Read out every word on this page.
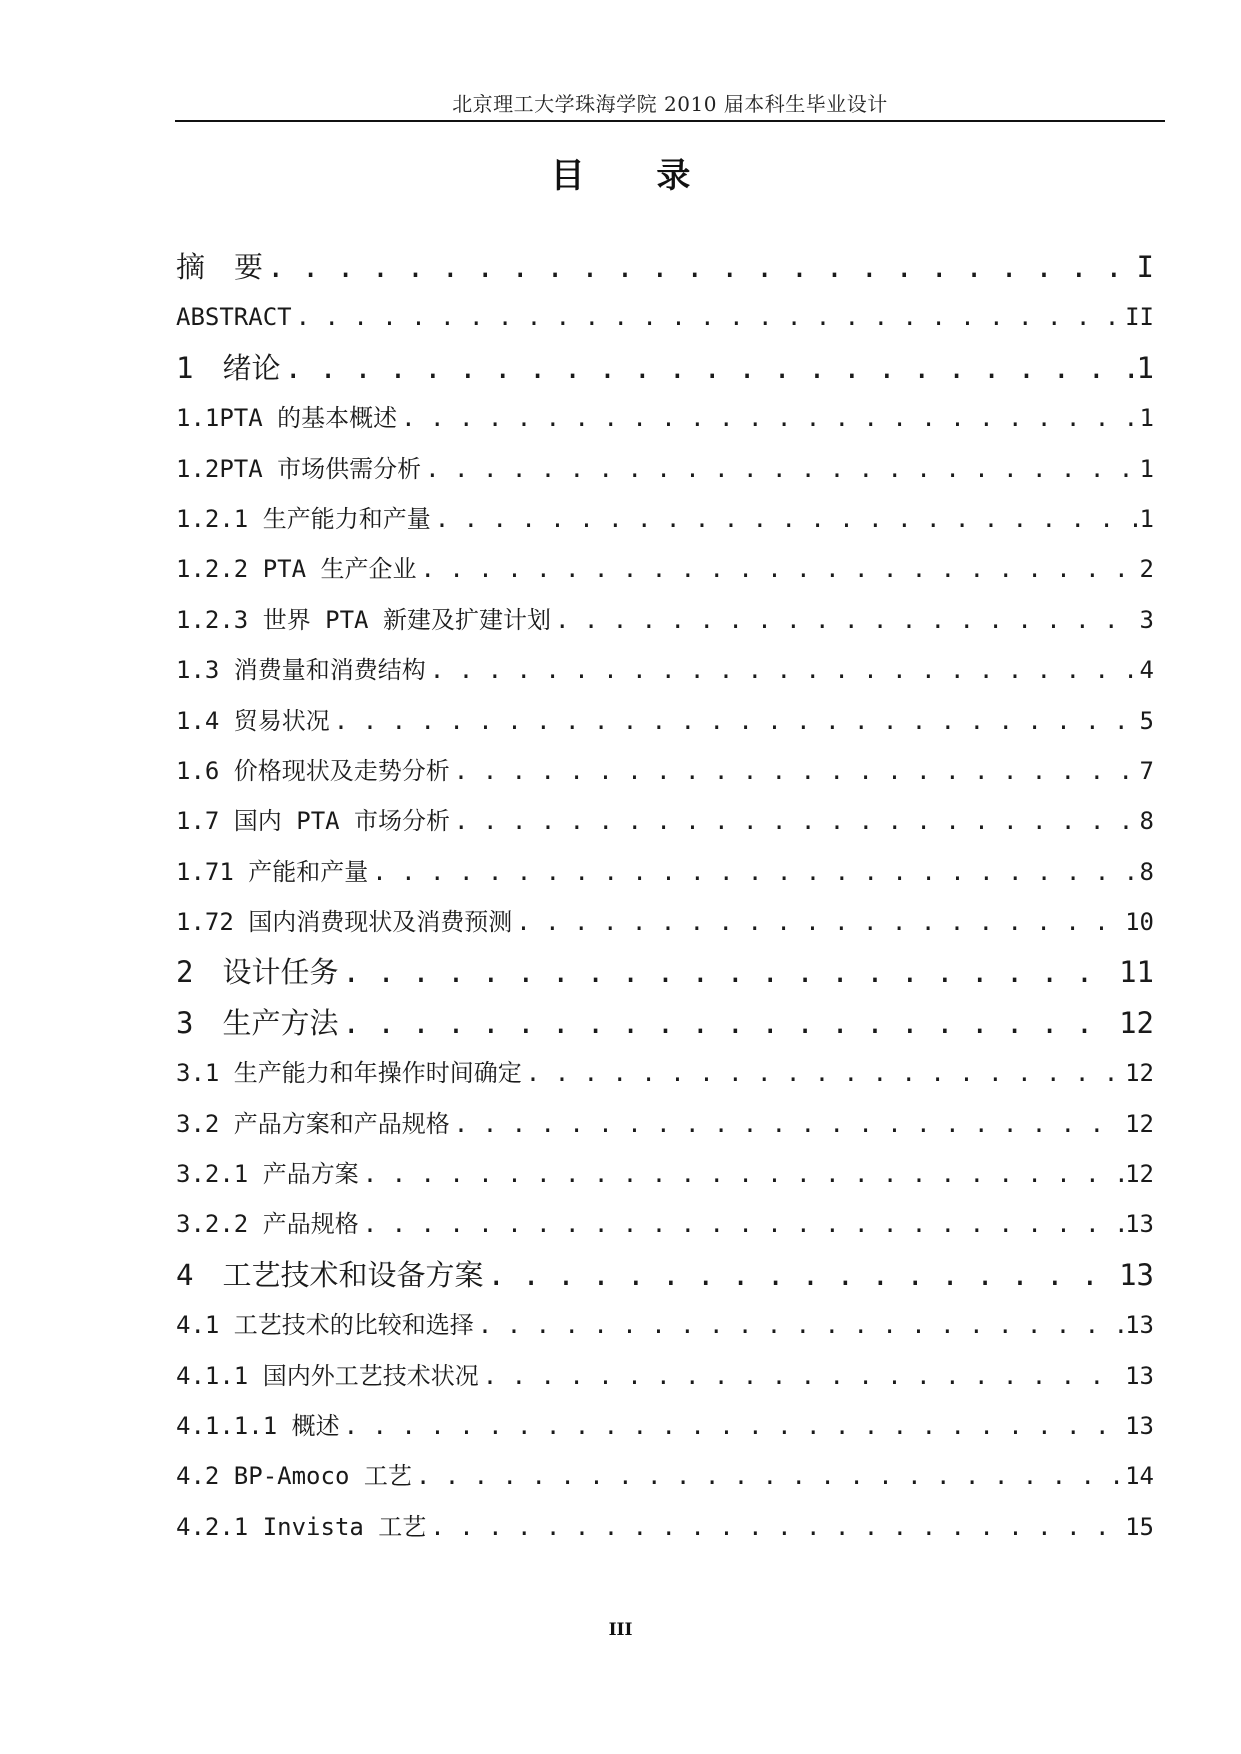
北京理工大学珠海学院 2010 届本科生毕业设计
目 录
摘　要 . . .	I
ABSTRACT . . .	II
1　绪论 . . .	1
1.1PTA 的基本概述 . . .	1
1.2PTA 市场供需分析 . . .	1
1.2.1 生产能力和产量 . . .	1
1.2.2 PTA 生产企业 . . .	2
1.2.3 世界 PTA 新建及扩建计划 . . .	3
1.3 消费量和消费结构 . . .	4
1.4 贸易状况 . . .	5
1.6 价格现状及走势分析 . . .	7
1.7 国内 PTA 市场分析 . . .	8
1.71 产能和产量 . . .	8
1.72 国内消费现状及消费预测 . . .	10
2　设计任务 . . .	11
3　生产方法 . . .	12
3.1 生产能力和年操作时间确定 . . .	12
3.2 产品方案和产品规格 . . .	12
3.2.1 产品方案 . . .	12
3.2.2 产品规格 . . .	13
4　工艺技术和设备方案 . . .	13
4.1 工艺技术的比较和选择 . . .	13
4.1.1 国内外工艺技术状况 . . .	13
4.1.1.1 概述 . . .	13
4.2 BP-Amoco 工艺 . . .	14
4.2.1 Invista 工艺 . . .	15
III
